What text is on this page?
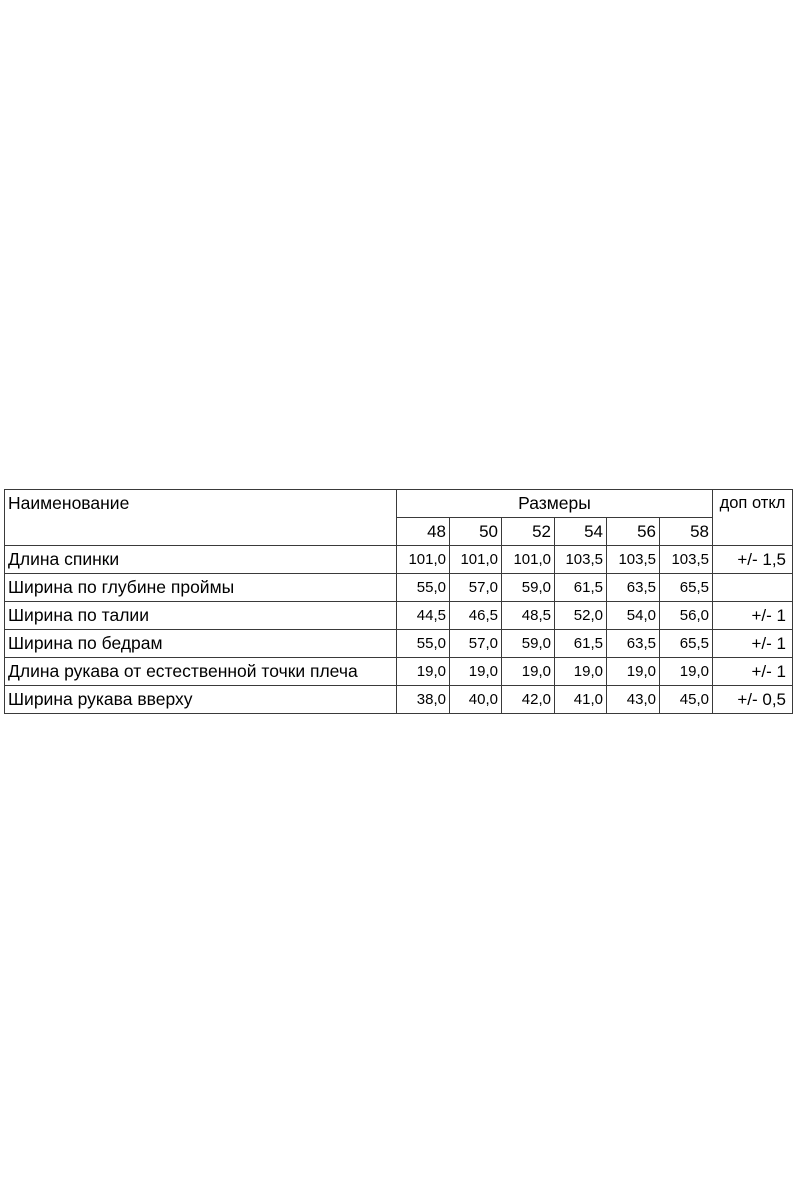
Наименование	Размеры						доп откл
	48	50	52	54	56	58	
Длина спинки	101,0	101,0	101,0	103,5	103,5	103,5	+/- 1,5
Ширина по глубине проймы	55,0	57,0	59,0	61,5	63,5	65,5	
Ширина по талии	44,5	46,5	48,5	52,0	54,0	56,0	+/- 1
Ширина по бедрам	55,0	57,0	59,0	61,5	63,5	65,5	+/- 1
Длина рукава от естественной точки плеча	19,0	19,0	19,0	19,0	19,0	19,0	+/- 1
Ширина рукава вверху	38,0	40,0	42,0	41,0	43,0	45,0	+/- 0,5
